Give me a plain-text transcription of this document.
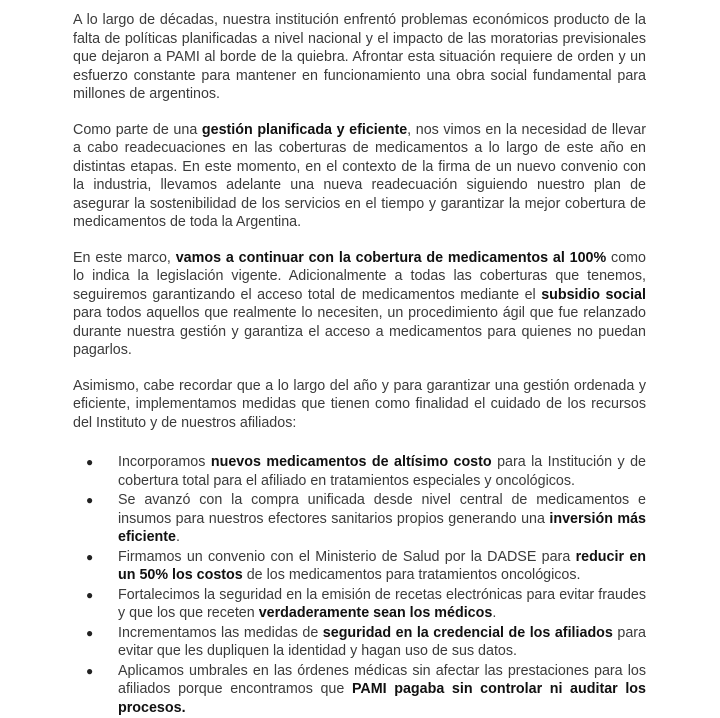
A lo largo de décadas, nuestra institución enfrentó problemas económicos producto de la falta de políticas planificadas a nivel nacional y el impacto de las moratorias previsionales que dejaron a PAMI al borde de la quiebra. Afrontar esta situación requiere de orden y un esfuerzo constante para mantener en funcionamiento una obra social fundamental para millones de argentinos.

Como parte de una gestión planificada y eficiente, nos vimos en la necesidad de llevar a cabo readecuaciones en las coberturas de medicamentos a lo largo de este año en distintas etapas. En este momento, en el contexto de la firma de un nuevo convenio con la industria, llevamos adelante una nueva readecuación siguiendo nuestro plan de asegurar la sostenibilidad de los servicios en el tiempo y garantizar la mejor cobertura de medicamentos de toda la Argentina.

En este marco, vamos a continuar con la cobertura de medicamentos al 100% como lo indica la legislación vigente. Adicionalmente a todas las coberturas que tenemos, seguiremos garantizando el acceso total de medicamentos mediante el subsidio social para todos aquellos que realmente lo necesiten, un procedimiento ágil que fue relanzado durante nuestra gestión y garantiza el acceso a medicamentos para quienes no puedan pagarlos.

Asimismo, cabe recordar que a lo largo del año y para garantizar una gestión ordenada y eficiente, implementamos medidas que tienen como finalidad el cuidado de los recursos del Instituto y de nuestros afiliados:

● Incorporamos nuevos medicamentos de altísimo costo para la Institución y de cobertura total para el afiliado en tratamientos especiales y oncológicos.
● Se avanzó con la compra unificada desde nivel central de medicamentos e insumos para nuestros efectores sanitarios propios generando una inversión más eficiente.
● Firmamos un convenio con el Ministerio de Salud por la DADSE para reducir en un 50% los costos de los medicamentos para tratamientos oncológicos.
● Fortalecimos la seguridad en la emisión de recetas electrónicas para evitar fraudes y que los que receten verdaderamente sean los médicos.
● Incrementamos las medidas de seguridad en la credencial de los afiliados para evitar que les dupliquen la identidad y hagan uso de sus datos.
● Aplicamos umbrales en las órdenes médicas sin afectar las prestaciones para los afiliados porque encontramos que PAMI pagaba sin controlar ni auditar los procesos.
